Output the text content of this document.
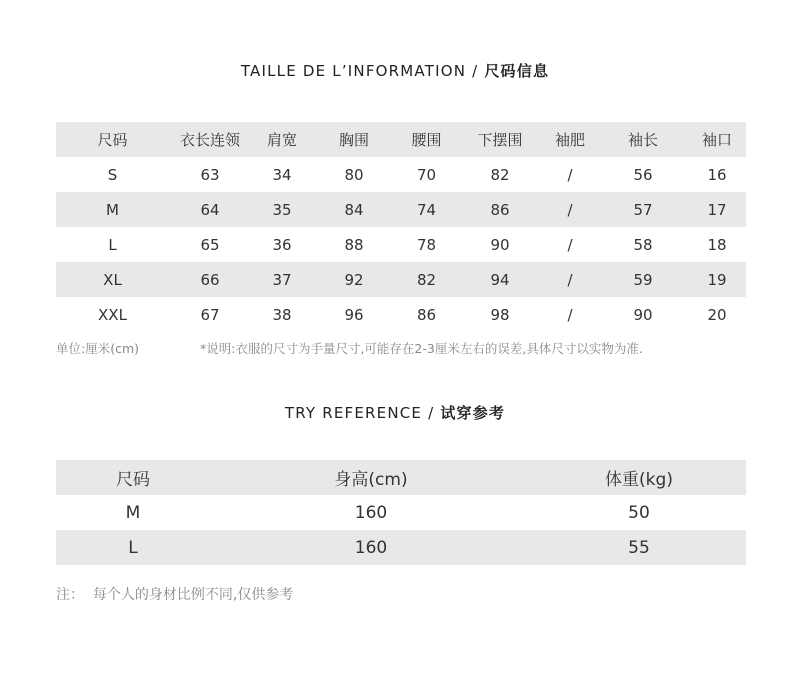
TAILLE DE L’INFORMATION / 尺码信息
尺码	衣长连领	肩宽	胸围	腰围	下摆围	袖肥	袖长	袖口
S	63	34	80	70	82	/	56	16
M	64	35	84	74	86	/	57	17
L	65	36	88	78	90	/	58	18
XL	66	37	92	82	94	/	59	19
XXL	67	38	96	86	98	/	90	20
单位:厘米(cm)	*说明:衣服的尺寸为手量尺寸,可能存在2-3厘米左右的误差,具体尺寸以实物为准.
TRY REFERENCE / 试穿参考
尺码	身高(cm)	体重(kg)
M	160	50
L	160	55
注：  每个人的身材比例不同,仅供参考
